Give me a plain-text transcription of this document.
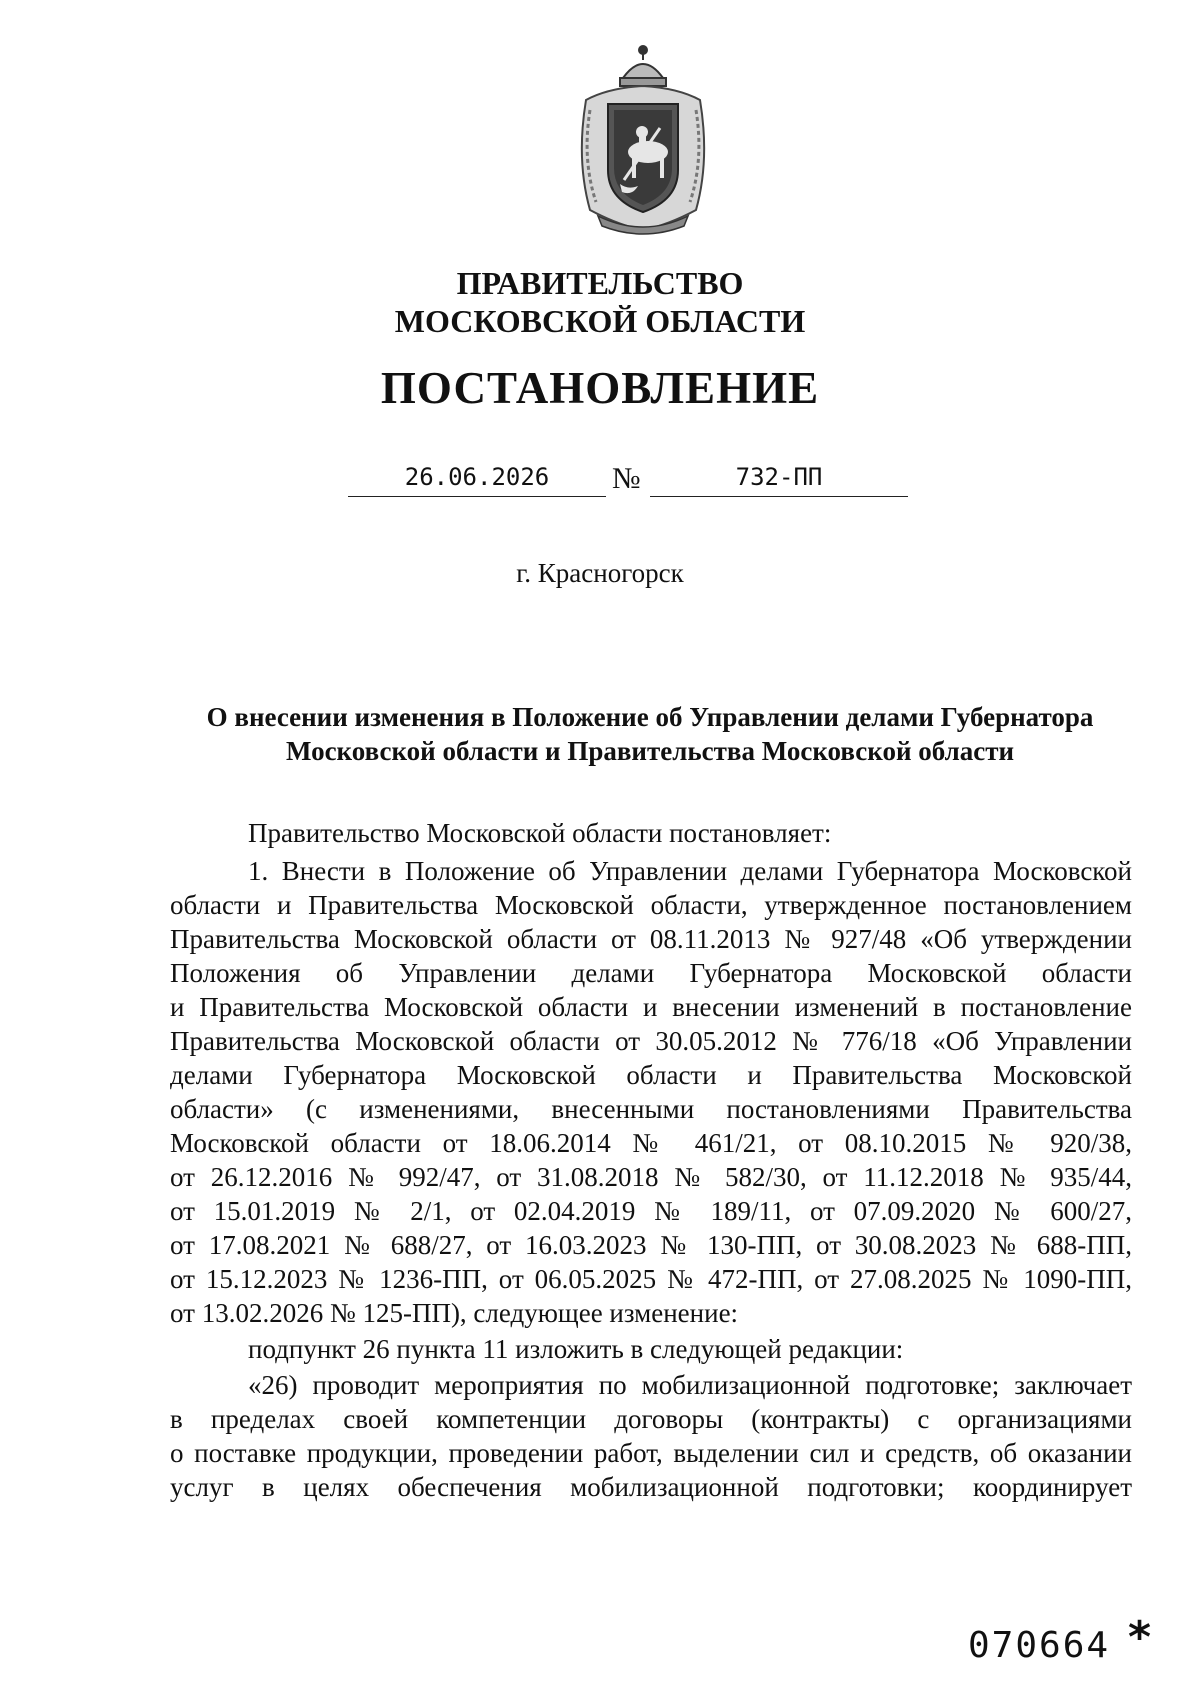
ПРАВИТЕЛЬСТВО
МОСКОВСКОЙ ОБЛАСТИ
ПОСТАНОВЛЕНИЕ
26.06.2026	№	732-ПП
г. Красногорск
О внесении изменения в Положение об Управлении делами Губернатора
Московской области и Правительства Московской области
Правительство Московской области постановляет:
1. Внести в Положение об Управлении делами Губернатора Московской
области и Правительства Московской области, утвержденное постановлением
Правительства Московской области от 08.11.2013 № 927/48 «Об утверждении
Положения об Управлении делами Губернатора Московской области
и Правительства Московской области и внесении изменений в постановление
Правительства Московской области от 30.05.2012 № 776/18 «Об Управлении
делами Губернатора Московской области и Правительства Московской
области» (с изменениями, внесенными постановлениями Правительства
Московской области от 18.06.2014 № 461/21, от 08.10.2015 № 920/38,
от 26.12.2016 № 992/47, от 31.08.2018 № 582/30, от 11.12.2018 № 935/44,
от 15.01.2019 № 2/1, от 02.04.2019 № 189/11, от 07.09.2020 № 600/27,
от 17.08.2021 № 688/27, от 16.03.2023 № 130-ПП, от 30.08.2023 № 688-ПП,
от 15.12.2023 № 1236-ПП, от 06.05.2025 № 472-ПП, от 27.08.2025 № 1090-ПП,
от 13.02.2026 № 125-ПП), следующее изменение:
подпункт 26 пункта 11 изложить в следующей редакции:
«26) проводит мероприятия по мобилизационной подготовке; заключает
в пределах своей компетенции договоры (контракты) с организациями
о поставке продукции, проведении работ, выделении сил и средств, об оказании
услуг в целях обеспечения мобилизационной подготовки; координирует
070664 *
